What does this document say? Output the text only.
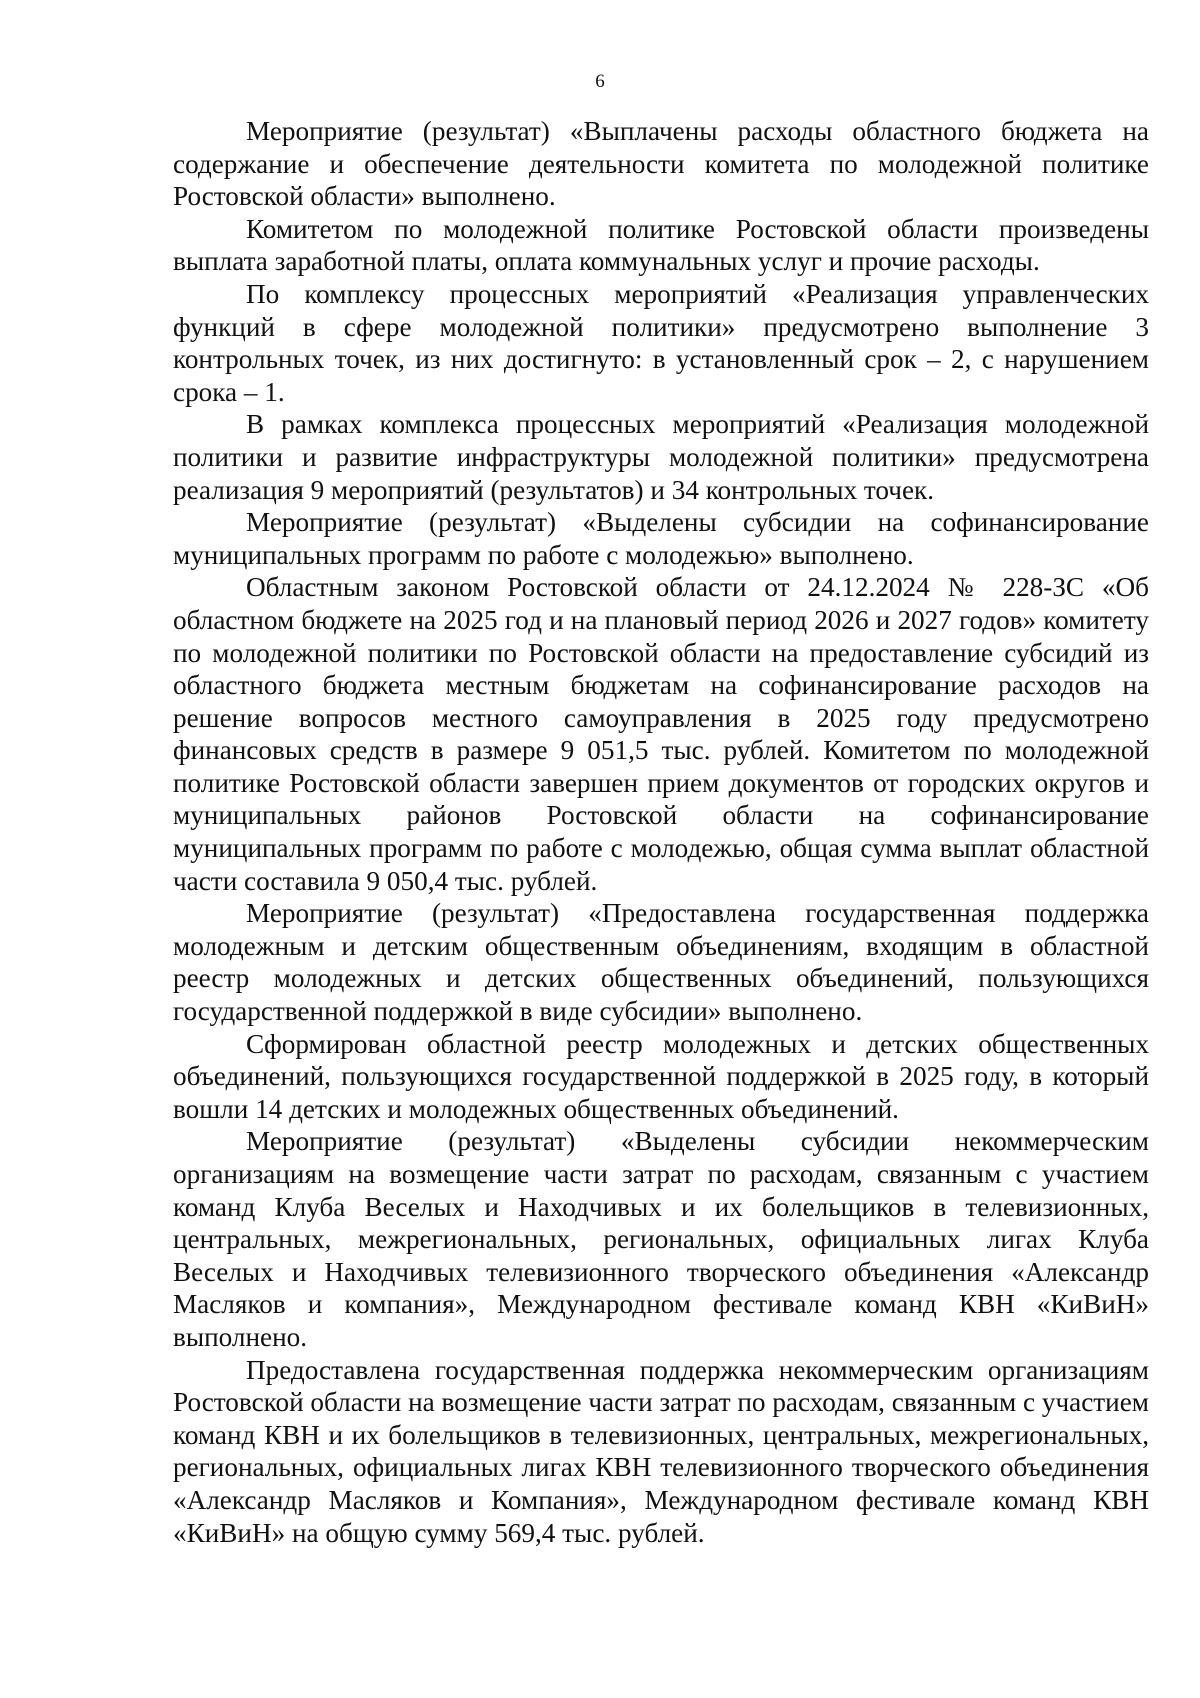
6

Мероприятие (результат) «Выплачены расходы областного бюджета на содержание и обеспечение деятельности комитета по молодежной политике Ростовской области» выполнено.

Комитетом по молодежной политике Ростовской области произведены выплата заработной платы, оплата коммунальных услуг и прочие расходы.

По комплексу процессных мероприятий «Реализация управленческих функций в сфере молодежной политики» предусмотрено выполнение 3 контрольных точек, из них достигнуто: в установленный срок – 2, с нарушением срока – 1.

В рамках комплекса процессных мероприятий «Реализация молодежной политики и развитие инфраструктуры молодежной политики» предусмотрена реализация 9 мероприятий (результатов) и 34 контрольных точек.

Мероприятие (результат) «Выделены субсидии на софинансирование муниципальных программ по работе с молодежью» выполнено.

Областным законом Ростовской области от 24.12.2024 № 228-ЗС «Об областном бюджете на 2025 год и на плановый период 2026 и 2027 годов» комитету по молодежной политики по Ростовской области на предоставление субсидий из областного бюджета местным бюджетам на софинансирование расходов на решение вопросов местного самоуправления в 2025 году предусмотрено финансовых средств в размере 9 051,5 тыс. рублей. Комитетом по молодежной политике Ростовской области завершен прием документов от городских округов и муниципальных районов Ростовской области на софинансирование муниципальных программ по работе с молодежью, общая сумма выплат областной части составила 9 050,4 тыс. рублей.

Мероприятие (результат) «Предоставлена государственная поддержка молодежным и детским общественным объединениям, входящим в областной реестр молодежных и детских общественных объединений, пользующихся государственной поддержкой в виде субсидии» выполнено.

Сформирован областной реестр молодежных и детских общественных объединений, пользующихся государственной поддержкой в 2025 году, в который вошли 14 детских и молодежных общественных объединений.

Мероприятие (результат) «Выделены субсидии некоммерческим организациям на возмещение части затрат по расходам, связанным с участием команд Клуба Веселых и Находчивых и их болельщиков в телевизионных, центральных, межрегиональных, региональных, официальных лигах Клуба Веселых и Находчивых телевизионного творческого объединения «Александр Масляков и компания», Международном фестивале команд КВН «КиВиН» выполнено.

Предоставлена государственная поддержка некоммерческим организациям Ростовской области на возмещение части затрат по расходам, связанным с участием команд КВН и их болельщиков в телевизионных, центральных, межрегиональных, региональных, официальных лигах КВН телевизионного творческого объединения «Александр Масляков и Компания», Международном фестивале команд КВН «КиВиН» на общую сумму 569,4 тыс. рублей.
